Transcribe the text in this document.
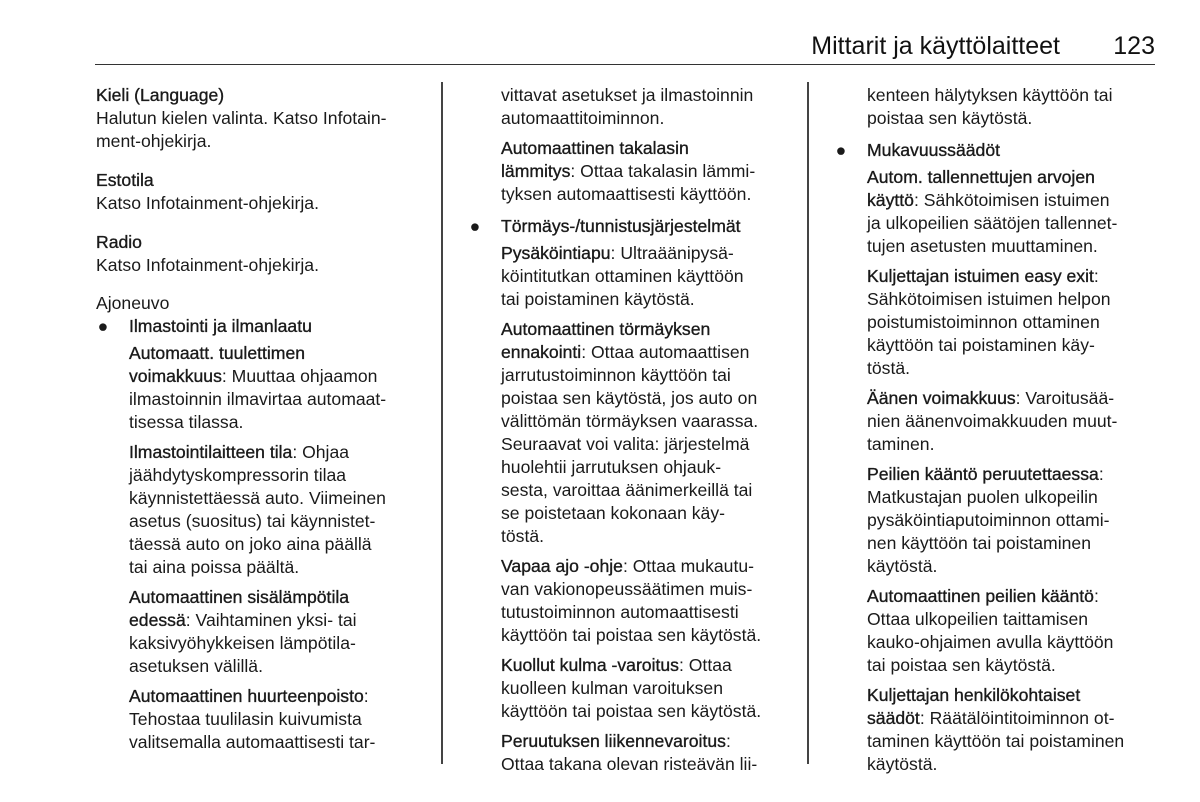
Mittarit ja käyttölaitteet 123

Kieli (Language)

Halutun kielen valinta. Katso Infotain-

ment-ohjekirja.

Estotila

Katso Infotainment-ohjekirja.

Radio

Katso Infotainment-ohjekirja.

Ajoneuvo

● Ilmastointi ja ilmanlaatu

Automaatt. tuulettimen
voimakkuus: Muuttaa ohjaamon
ilmastoinnin ilmavirtaa automaat-
tisessa tilassa.
Ilmastointilaitteen tila: Ohjaa
jäähdytyskompressorin tilaa
käynnistettäessä auto. Viimeinen
asetus (suositus) tai käynnistet-
täessä auto on joko aina päällä
tai aina poissa päältä.
Automaattinen sisälämpötila
edessä: Vaihtaminen yksi- tai
kaksivyöhykkeisen lämpötila-
asetuksen välillä.
Automaattinen huurteenpoisto:
Tehostaa tuulilasin kuivumista
valitsemalla automaattisesti tar-
vittavat asetukset ja ilmastoinnin
automaattitoiminnon.
Automaattinen takalasin
lämmitys: Ottaa takalasin lämmi-
tyksen automaattisesti käyttöön.

● Törmäys-/tunnistusjärjestelmät

Pysäköintiapu: Ultraäänipysä-
köintitutkan ottaminen käyttöön
tai poistaminen käytöstä.
Automaattinen törmäyksen
ennakointi: Ottaa automaattisen
jarrutustoiminnon käyttöön tai
poistaa sen käytöstä, jos auto on
välittömän törmäyksen vaarassa.
Seuraavat voi valita: järjestelmä
huolehtii jarrutuksen ohjauk-
sesta, varoittaa äänimerkeillä tai
se poistetaan kokonaan käy-
töstä.
Vapaa ajo -ohje: Ottaa mukautu-
van vakionopeussäätimen muis-
tutustoiminnon automaattisesti
käyttöön tai poistaa sen käytöstä.
Kuollut kulma -varoitus: Ottaa
kuolleen kulman varoituksen
käyttöön tai poistaa sen käytöstä.
Peruutuksen liikennevaroitus:
Ottaa takana olevan risteävän lii-
kenteen hälytyksen käyttöön tai
poistaa sen käytöstä.

● Mukavuussäädöt

Autom. tallennettujen arvojen
käyttö: Sähkötoimisen istuimen
ja ulkopeilien säätöjen tallennet-
tujen asetusten muuttaminen.
Kuljettajan istuimen easy exit:
Sähkötoimisen istuimen helpon
poistumistoiminnon ottaminen
käyttöön tai poistaminen käy-
töstä.
Äänen voimakkuus: Varoitusää-
nien äänenvoimakkuuden muut-
taminen.
Peilien kääntö peruutettaessa:
Matkustajan puolen ulkopeilin
pysäköintiaputoiminnon ottami-
nen käyttöön tai poistaminen
käytöstä.
Automaattinen peilien kääntö:
Ottaa ulkopeilien taittamisen
kauko-ohjaimen avulla käyttöön
tai poistaa sen käytöstä.
Kuljettajan henkilökohtaiset
säädöt: Räätälöintitoiminnon ot-
taminen käyttöön tai poistaminen
käytöstä.
